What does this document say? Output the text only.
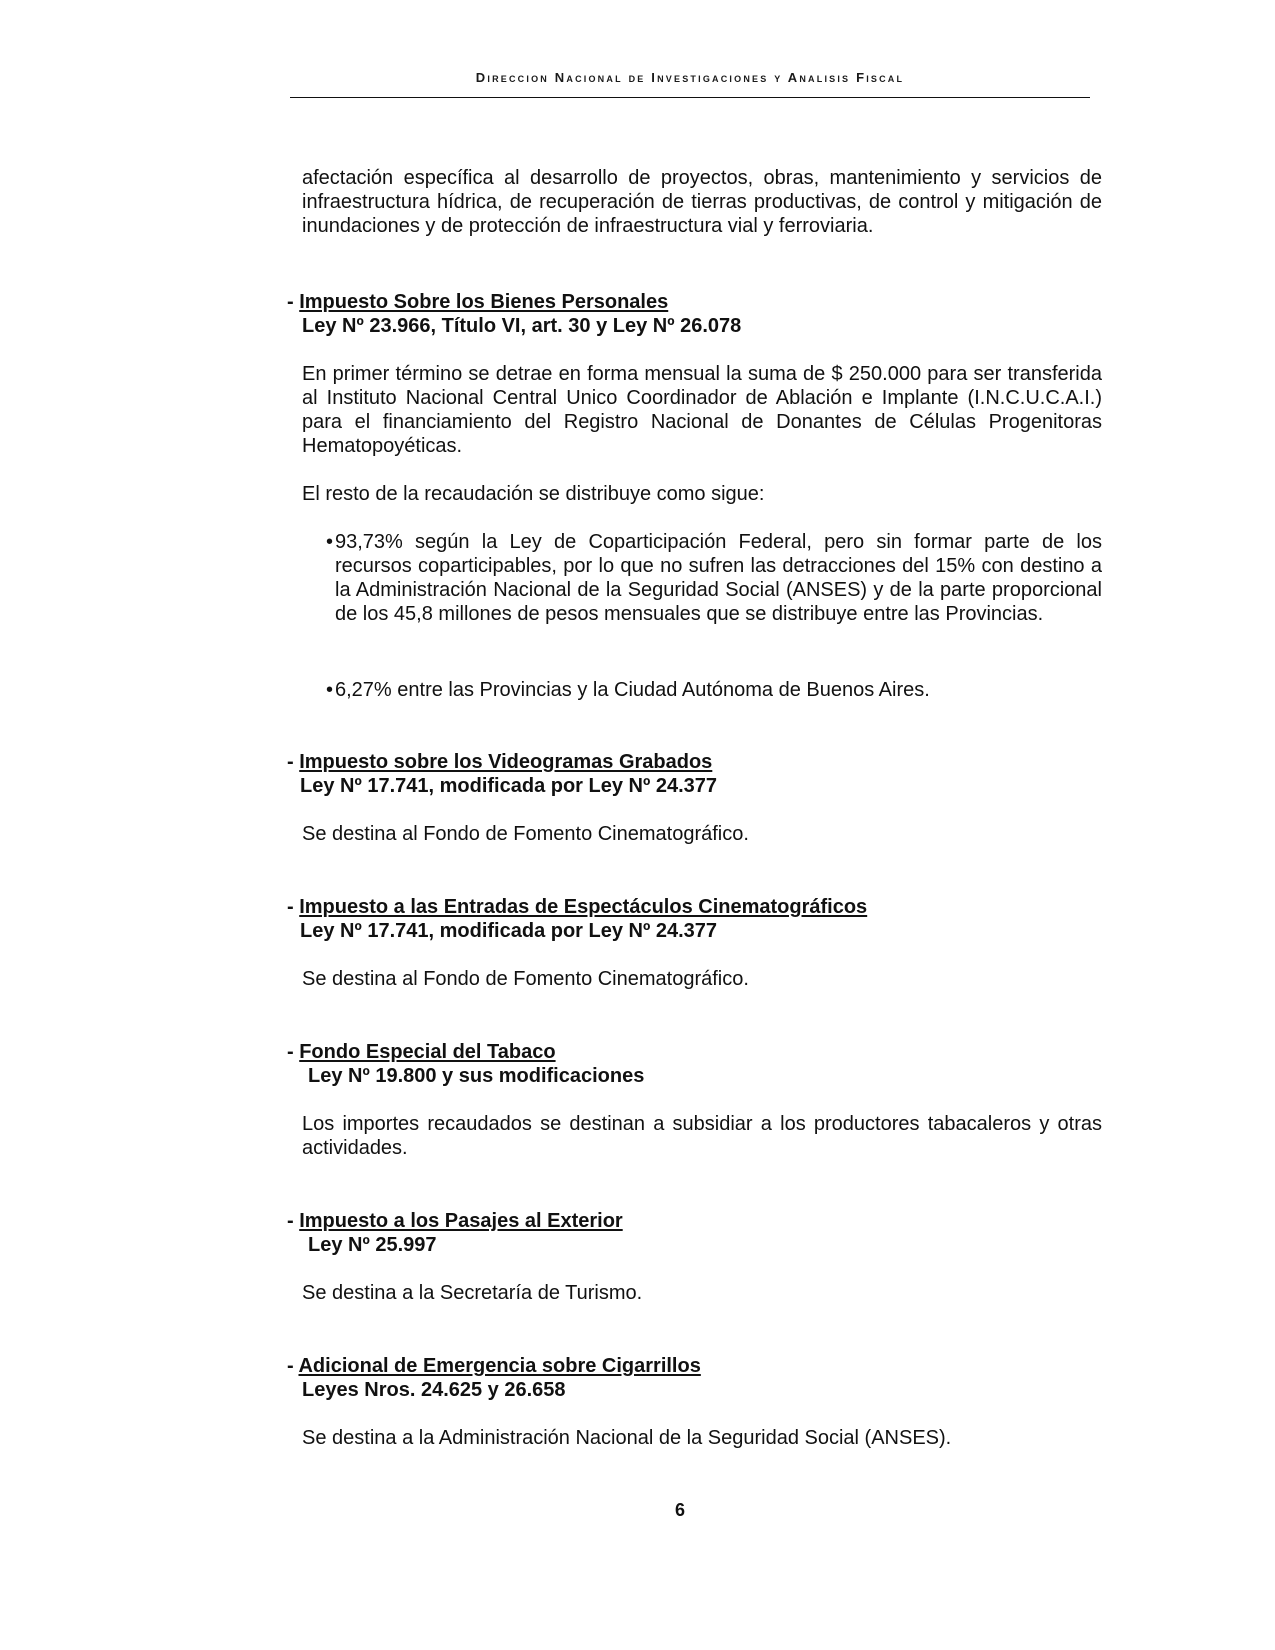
Direccion Nacional de Investigaciones y Analisis Fiscal

afectación específica al desarrollo de proyectos, obras, mantenimiento y servicios de infraestructura hídrica, de recuperación de tierras productivas, de control y mitigación de inundaciones y de protección de infraestructura vial y ferroviaria.

- Impuesto Sobre los Bienes Personales
Ley Nº 23.966, Título VI, art. 30 y Ley Nº 26.078

En primer término se detrae en forma mensual la suma de $ 250.000 para ser transferida al Instituto Nacional Central Unico Coordinador de Ablación e Implante (I.N.C.U.C.A.I.) para el financiamiento del Registro Nacional de Donantes de Células Progenitoras Hematopoyéticas.

El resto de la recaudación se distribuye como sigue:

• 93,73% según la Ley de Coparticipación Federal, pero sin formar parte de los recursos coparticipables, por lo que no sufren las detracciones del 15% con destino a la Administración Nacional de la Seguridad Social (ANSES) y de la parte proporcional de los 45,8 millones de pesos mensuales que se distribuye entre las Provincias.

• 6,27% entre las Provincias y la Ciudad Autónoma de Buenos Aires.

- Impuesto sobre los Videogramas Grabados
Ley Nº 17.741, modificada por Ley Nº 24.377

Se destina al Fondo de Fomento Cinematográfico.

- Impuesto a las Entradas de Espectáculos Cinematográficos
Ley Nº 17.741, modificada por Ley Nº 24.377

Se destina al Fondo de Fomento Cinematográfico.

- Fondo Especial del Tabaco
Ley Nº 19.800 y sus modificaciones

Los importes recaudados se destinan a subsidiar a los productores tabacaleros y otras actividades.

- Impuesto a los Pasajes al Exterior
Ley Nº 25.997

Se destina a la Secretaría de Turismo.

- Adicional de Emergencia sobre Cigarrillos
Leyes Nros. 24.625 y 26.658

Se destina a la Administración Nacional de la Seguridad Social (ANSES).

6
